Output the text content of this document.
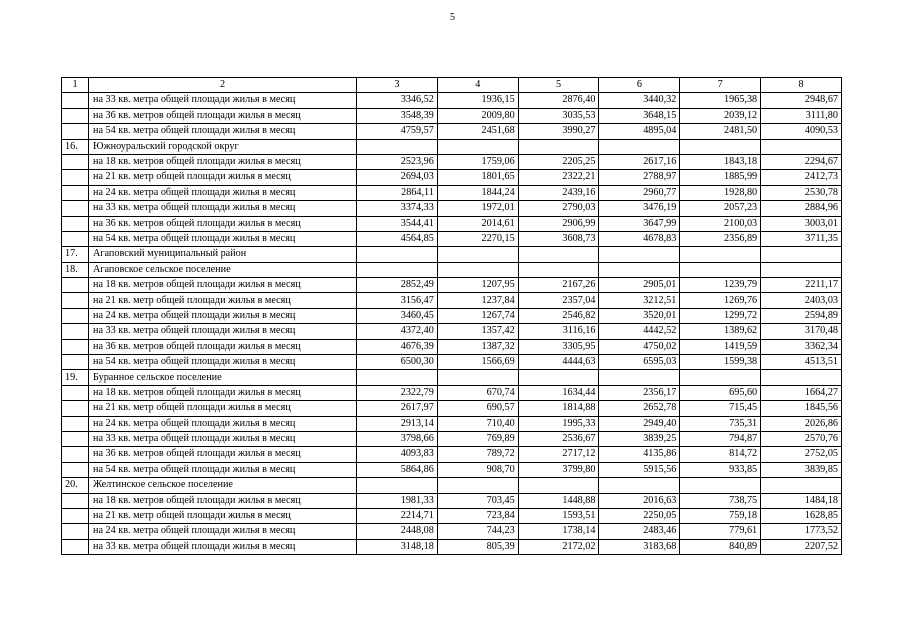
5
1	2	3	4	5	6	7	8
	на 33 кв. метра общей площади жилья в месяц	3346,52	1936,15	2876,40	3440,32	1965,38	2948,67
	на 36 кв. метров общей площади жилья в месяц	3548,39	2009,80	3035,53	3648,15	2039,12	3111,80
	на 54 кв. метра общей площади жилья в месяц	4759,57	2451,68	3990,27	4895,04	2481,50	4090,53
16.	Южноуральский городской округ						
	на 18 кв. метров общей площади жилья в месяц	2523,96	1759,06	2205,25	2617,16	1843,18	2294,67
	на 21 кв. метр общей площади жилья в месяц	2694,03	1801,65	2322,21	2788,97	1885,99	2412,73
	на 24 кв. метра общей площади жилья в месяц	2864,11	1844,24	2439,16	2960,77	1928,80	2530,78
	на 33 кв. метра общей площади жилья в месяц	3374,33	1972,01	2790,03	3476,19	2057,23	2884,96
	на 36 кв. метров общей площади жилья в месяц	3544,41	2014,61	2906,99	3647,99	2100,03	3003,01
	на 54 кв. метра общей площади жилья в месяц	4564,85	2270,15	3608,73	4678,83	2356,89	3711,35
17.	Агаповский муниципальный район						
18.	Агаповское сельское поселение						
	на 18 кв. метров общей площади жилья в месяц	2852,49	1207,95	2167,26	2905,01	1239,79	2211,17
	на 21 кв. метр общей площади жилья в месяц	3156,47	1237,84	2357,04	3212,51	1269,76	2403,03
	на 24 кв. метра общей площади жилья в месяц	3460,45	1267,74	2546,82	3520,01	1299,72	2594,89
	на 33 кв. метра общей площади жилья в месяц	4372,40	1357,42	3116,16	4442,52	1389,62	3170,48
	на 36 кв. метров общей площади жилья в месяц	4676,39	1387,32	3305,95	4750,02	1419,59	3362,34
	на 54 кв. метра общей площади жилья в месяц	6500,30	1566,69	4444,63	6595,03	1599,38	4513,51
19.	Буранное сельское поселение						
	на 18 кв. метров общей площади жилья в месяц	2322,79	670,74	1634,44	2356,17	695,60	1664,27
	на 21 кв. метр общей площади жилья в месяц	2617,97	690,57	1814,88	2652,78	715,45	1845,56
	на 24 кв. метра общей площади жилья в месяц	2913,14	710,40	1995,33	2949,40	735,31	2026,86
	на 33 кв. метра общей площади жилья в месяц	3798,66	769,89	2536,67	3839,25	794,87	2570,76
	на 36 кв. метров общей площади жилья в месяц	4093,83	789,72	2717,12	4135,86	814,72	2752,05
	на 54 кв. метра общей площади жилья в месяц	5864,86	908,70	3799,80	5915,56	933,85	3839,85
20.	Желтинское сельское поселение						
	на 18 кв. метров общей площади жилья в месяц	1981,33	703,45	1448,88	2016,63	738,75	1484,18
	на 21 кв. метр общей площади жилья в месяц	2214,71	723,84	1593,51	2250,05	759,18	1628,85
	на 24 кв. метра общей площади жилья в месяц	2448,08	744,23	1738,14	2483,46	779,61	1773,52
	на 33 кв. метра общей площади жилья в месяц	3148,18	805,39	2172,02	3183,68	840,89	2207,52
